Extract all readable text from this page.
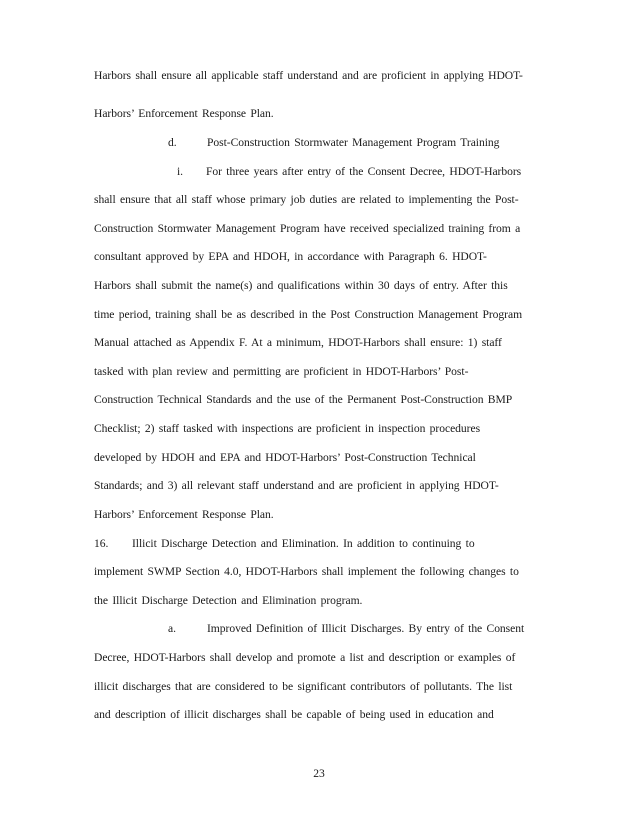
Harbors shall ensure all applicable staff understand and are proficient in applying HDOT-
Harbors’ Enforcement Response Plan.
d.	Post-Construction Stormwater Management Program Training
i. For three years after entry of the Consent Decree, HDOT-Harbors
shall ensure that all staff whose primary job duties are related to implementing the Post-
Construction Stormwater Management Program have received specialized training from a
consultant approved by EPA and HDOH, in accordance with Paragraph 6. HDOT-
Harbors shall submit the name(s) and qualifications within 30 days of entry. After this
time period, training shall be as described in the Post Construction Management Program
Manual attached as Appendix F. At a minimum, HDOT-Harbors shall ensure: 1) staff
tasked with plan review and permitting are proficient in HDOT-Harbors’ Post-
Construction Technical Standards and the use of the Permanent Post-Construction BMP
Checklist; 2) staff tasked with inspections are proficient in inspection procedures
developed by HDOH and EPA and HDOT-Harbors’ Post-Construction Technical
Standards; and 3) all relevant staff understand and are proficient in applying HDOT-
Harbors’ Enforcement Response Plan.
16. Illicit Discharge Detection and Elimination. In addition to continuing to
implement SWMP Section 4.0, HDOT-Harbors shall implement the following changes to
the Illicit Discharge Detection and Elimination program.
a.	Improved Definition of Illicit Discharges. By entry of the Consent
Decree, HDOT-Harbors shall develop and promote a list and description or examples of
illicit discharges that are considered to be significant contributors of pollutants. The list
and description of illicit discharges shall be capable of being used in education and
23
